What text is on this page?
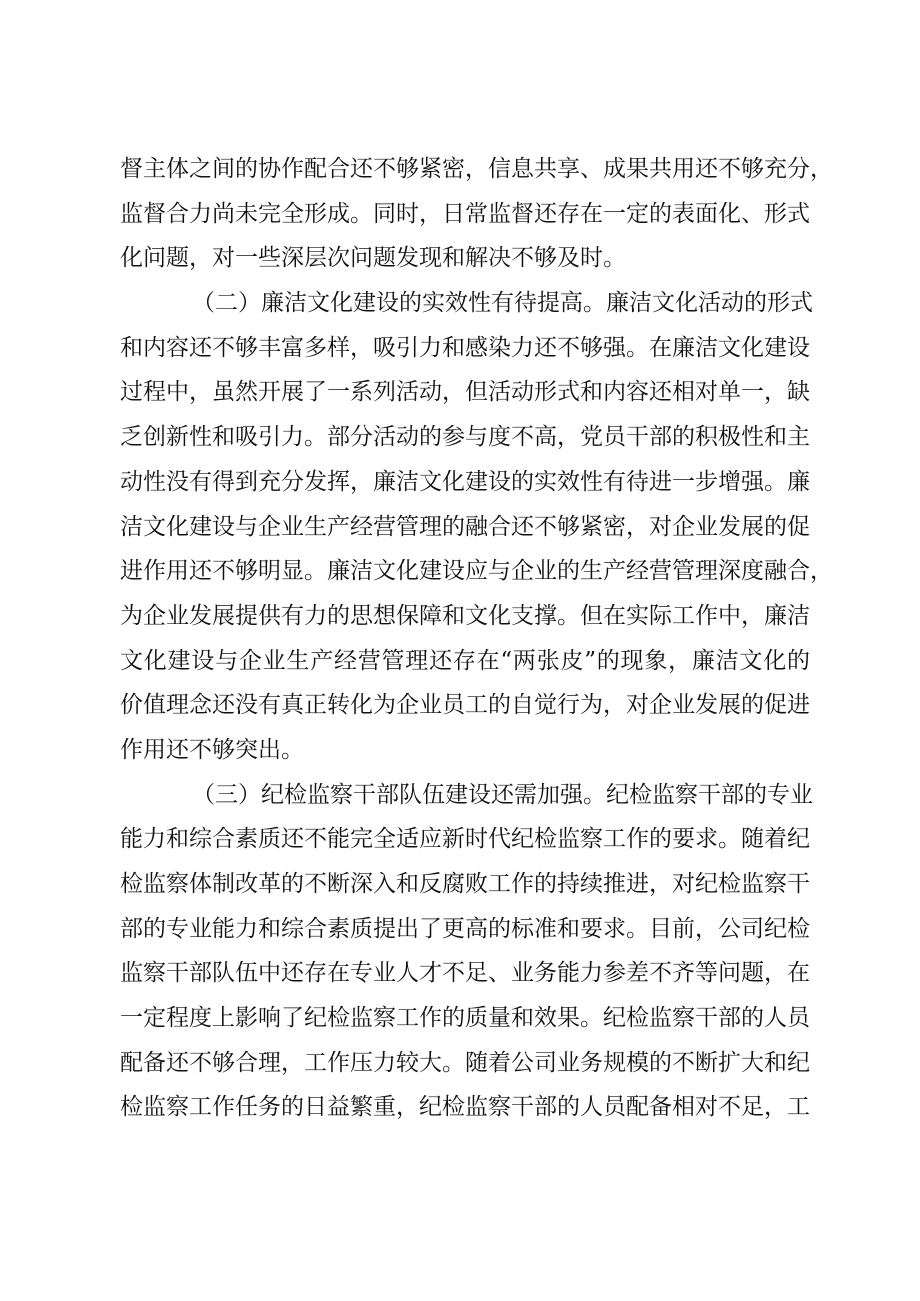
督主体之间的协作配合还不够紧密，信息共享、成果共用还不够充分，
监督合力尚未完全形成。同时，日常监督还存在一定的表面化、形式
化问题，对一些深层次问题发现和解决不够及时。
（二）廉洁文化建设的实效性有待提高。廉洁文化活动的形式
和内容还不够丰富多样，吸引力和感染力还不够强。在廉洁文化建设
过程中，虽然开展了一系列活动，但活动形式和内容还相对单一，缺
乏创新性和吸引力。部分活动的参与度不高，党员干部的积极性和主
动性没有得到充分发挥，廉洁文化建设的实效性有待进一步增强。廉
洁文化建设与企业生产经营管理的融合还不够紧密，对企业发展的促
进作用还不够明显。廉洁文化建设应与企业的生产经营管理深度融合，
为企业发展提供有力的思想保障和文化支撑。但在实际工作中，廉洁
文化建设与企业生产经营管理还存在“两张皮”的现象，廉洁文化的
价值理念还没有真正转化为企业员工的自觉行为，对企业发展的促进
作用还不够突出。
（三）纪检监察干部队伍建设还需加强。纪检监察干部的专业
能力和综合素质还不能完全适应新时代纪检监察工作的要求。随着纪
检监察体制改革的不断深入和反腐败工作的持续推进，对纪检监察干
部的专业能力和综合素质提出了更高的标准和要求。目前，公司纪检
监察干部队伍中还存在专业人才不足、业务能力参差不齐等问题，在
一定程度上影响了纪检监察工作的质量和效果。纪检监察干部的人员
配备还不够合理，工作压力较大。随着公司业务规模的不断扩大和纪
检监察工作任务的日益繁重，纪检监察干部的人员配备相对不足，工
